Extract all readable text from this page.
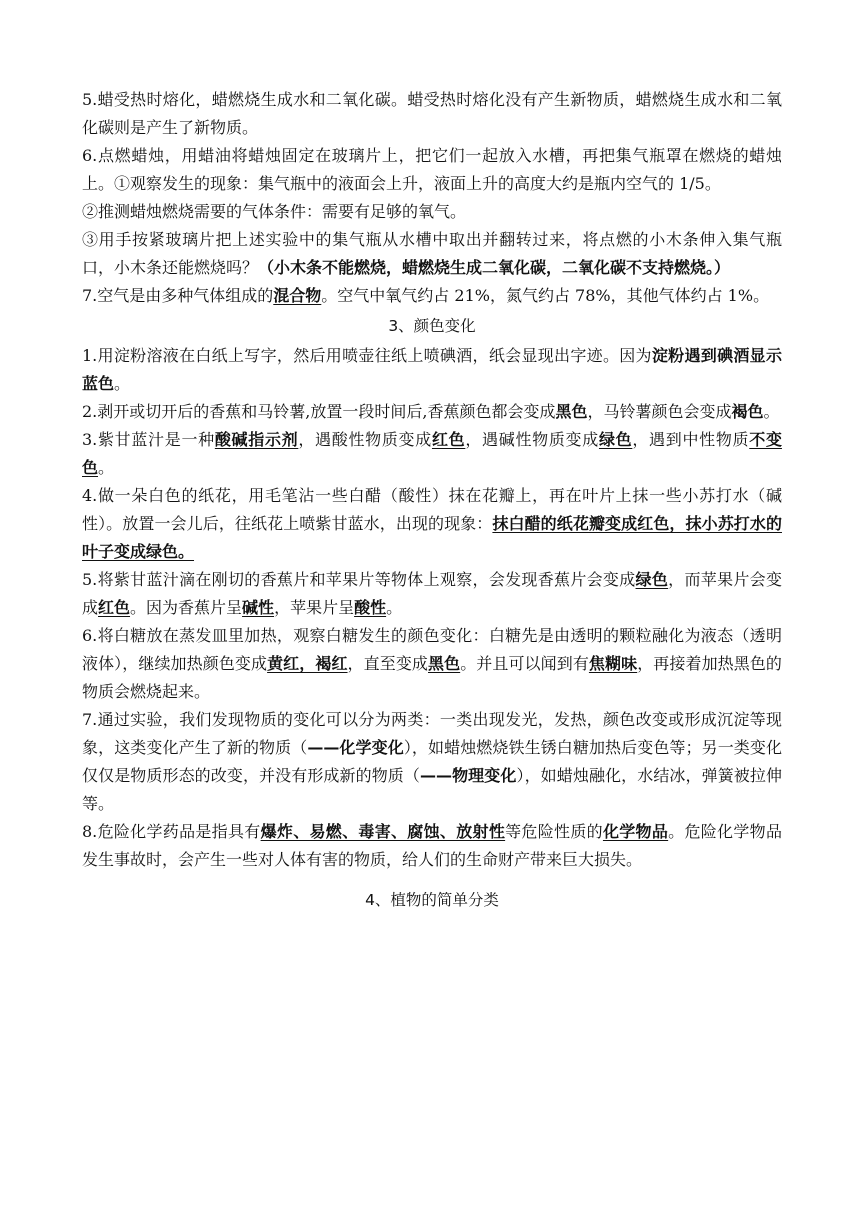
5.蜡受热时熔化，蜡燃烧生成水和二氧化碳。蜡受热时熔化没有产生新物质，蜡燃烧生成水和二氧化碳则是产生了新物质。

6.点燃蜡烛，用蜡油将蜡烛固定在玻璃片上，把它们一起放入水槽，再把集气瓶罩在燃烧的蜡烛上。①观察发生的现象：集气瓶中的液面会上升，液面上升的高度大约是瓶内空气的 1/5。

②推测蜡烛燃烧需要的气体条件：需要有足够的氧气。

③用手按紧玻璃片把上述实验中的集气瓶从水槽中取出并翻转过来，将点燃的小木条伸入集气瓶口，小木条还能燃烧吗？（小木条不能燃烧，蜡燃烧生成二氧化碳，二氧化碳不支持燃烧。）

7.空气是由多种气体组成的混合物。空气中氧气约占 21%，氮气约占 78%，其他气体约占 1%。

3、颜色变化

1.用淀粉溶液在白纸上写字，然后用喷壶往纸上喷碘酒，纸会显现出字迹。因为淀粉遇到碘酒显示蓝色。

2.剥开或切开后的香蕉和马铃薯,放置一段时间后,香蕉颜色都会变成黑色，马铃薯颜色会变成褐色。

3.紫甘蓝汁是一种酸碱指示剂，遇酸性物质变成红色，遇碱性物质变成绿色，遇到中性物质不变色。

4.做一朵白色的纸花，用毛笔沾一些白醋（酸性）抹在花瓣上，再在叶片上抹一些小苏打水（碱性）。放置一会儿后，往纸花上喷紫甘蓝水，出现的现象：抹白醋的纸花瓣变成红色，抹小苏打水的叶子变成绿色。

5.将紫甘蓝汁滴在刚切的香蕉片和苹果片等物体上观察，会发现香蕉片会变成绿色，而苹果片会变成红色。因为香蕉片呈碱性，苹果片呈酸性。

6.将白糖放在蒸发皿里加热，观察白糖发生的颜色变化：白糖先是由透明的颗粒融化为液态（透明液体），继续加热颜色变成黄红，褐红，直至变成黑色。并且可以闻到有焦糊味，再接着加热黑色的物质会燃烧起来。

7.通过实验，我们发现物质的变化可以分为两类：一类出现发光，发热，颜色改变或形成沉淀等现象，这类变化产生了新的物质（——化学变化），如蜡烛燃烧铁生锈白糖加热后变色等；另一类变化仅仅是物质形态的改变，并没有形成新的物质（——物理变化），如蜡烛融化，水结冰，弹簧被拉伸等。

8.危险化学药品是指具有爆炸、易燃、毒害、腐蚀、放射性等危险性质的化学物品。危险化学物品发生事故时，会产生一些对人体有害的物质，给人们的生命财产带来巨大损失。

4、植物的简单分类
